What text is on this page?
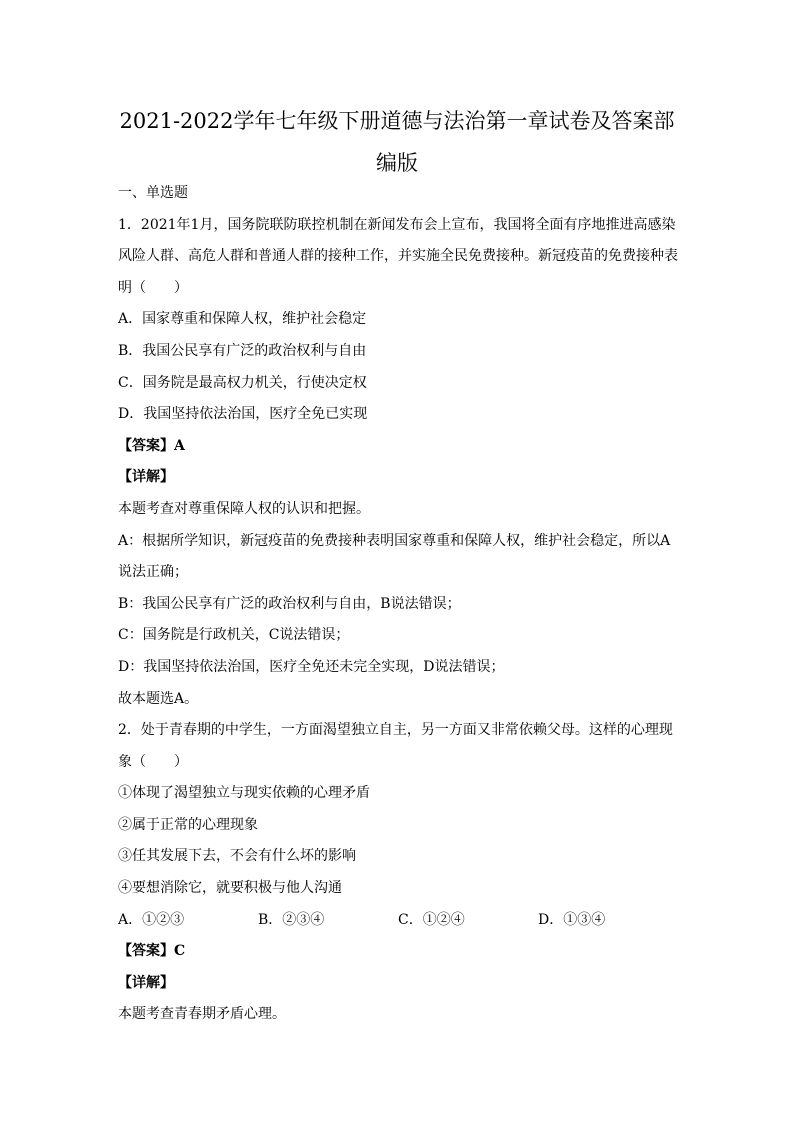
2021-2022学年七年级下册道德与法治第一章试卷及答案部
编版
一、单选题
1．2021年1月，国务院联防联控机制在新闻发布会上宣布，我国将全面有序地推进高感染
风险人群、高危人群和普通人群的接种工作，并实施全民免费接种。新冠疫苗的免费接种表
明（　　）
A．国家尊重和保障人权，维护社会稳定
B．我国公民享有广泛的政治权利与自由
C．国务院是最高权力机关，行使决定权
D．我国坚持依法治国，医疗全免已实现
【答案】A
【详解】
本题考查对尊重保障人权的认识和把握。
A：根据所学知识，新冠疫苗的免费接种表明国家尊重和保障人权，维护社会稳定，所以A
说法正确；
B：我国公民享有广泛的政治权利与自由，B说法错误；
C：国务院是行政机关，C说法错误；
D：我国坚持依法治国，医疗全免还未完全实现，D说法错误；
故本题选A。
2．处于青春期的中学生，一方面渴望独立自主，另一方面又非常依赖父母。这样的心理现
象（　　）
①体现了渴望独立与现实依赖的心理矛盾
②属于正常的心理现象
③任其发展下去，不会有什么坏的影响
④要想消除它，就要积极与他人沟通
A．①②③	B．②③④	C．①②④	D．①③④
【答案】C
【详解】
本题考查青春期矛盾心理。
